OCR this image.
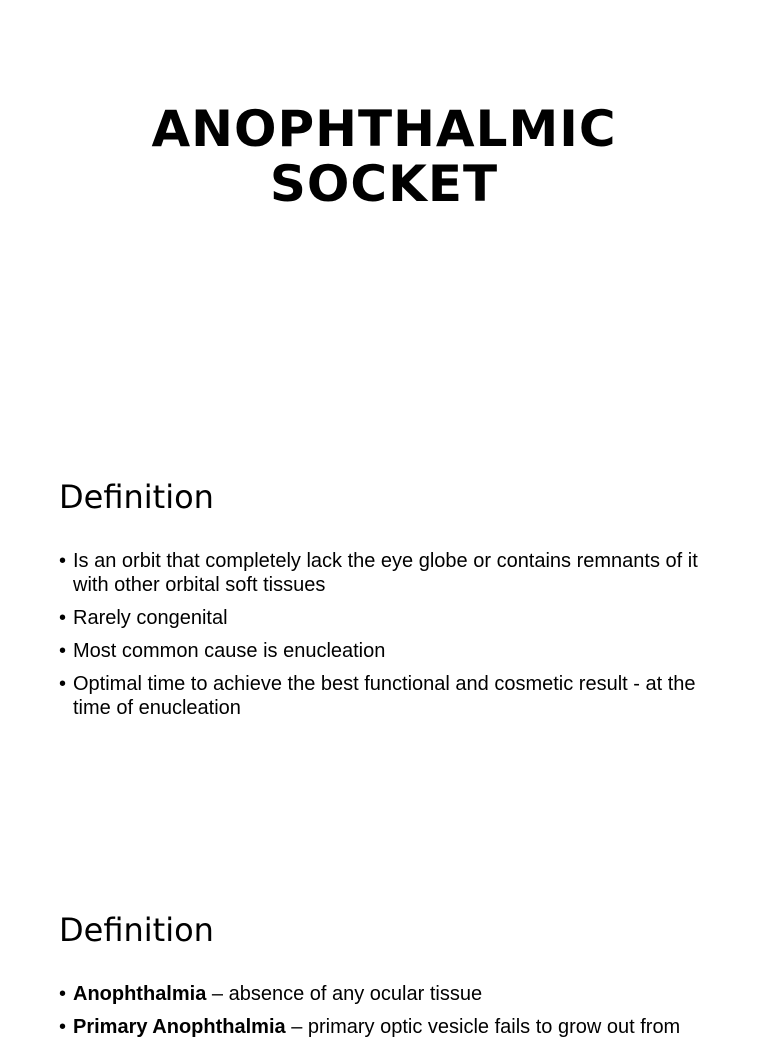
ANOPHTHALMIC
SOCKET
Definition
• Is an orbit that completely lack the eye globe or contains remnants of it with other orbital soft tissues
• Rarely congenital
• Most common cause is enucleation
• Optimal time to achieve the best functional and cosmetic result - at the time of enucleation
Definition
• Anophthalmia – absence of any ocular tissue
• Primary Anophthalmia – primary optic vesicle fails to grow out from
